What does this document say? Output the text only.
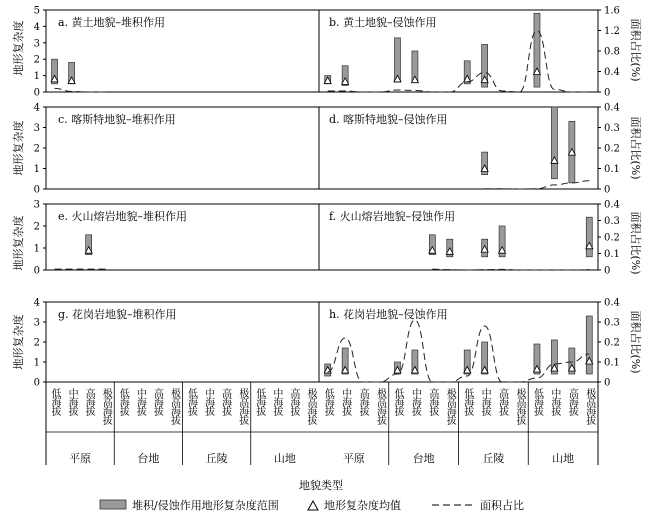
地形复杂度
地形复杂度
地形复杂度
地形复杂度
面积占比(%)
面积占比(%)
面积占比(%)
面积占比(%)
地貌类型
堆积/侵蚀作用地形复杂度范围	地形复杂度均值	面积占比
0
1
2
3
4
5
0
0.4
0.8
1.2
1.6
a. 黄土地貌–堆积作用	b. 黄土地貌–侵蚀作用
0
1
2
3
4
0
0.1
0.2
0.3
0.4
c. 喀斯特地貌–堆积作用	d. 喀斯特地貌–侵蚀作用
0
1
2
3
0
0.1
0.2
0.3
0.4
e. 火山熔岩地貌–堆积作用	f. 火山熔岩地貌–侵蚀作用
0
1
2
3
4
0
0.1
0.2
0.3
0.4
g. 花岗岩地貌–堆积作用	h. 花岗岩地貌–侵蚀作用
平原
低海拔 中海拔 高海拔 极高海拔
台地
低海拔 中海拔 高海拔 极高海拔
丘陵
低海拔 中海拔 高海拔 极高海拔
山地
低海拔 中海拔 高海拔 极高海拔
平原
低海拔 中海拔 高海拔 极高海拔
台地
低海拔 中海拔 高海拔 极高海拔
丘陵
低海拔 中海拔 高海拔 极高海拔
山地
低海拔 中海拔 高海拔 极高海拔
